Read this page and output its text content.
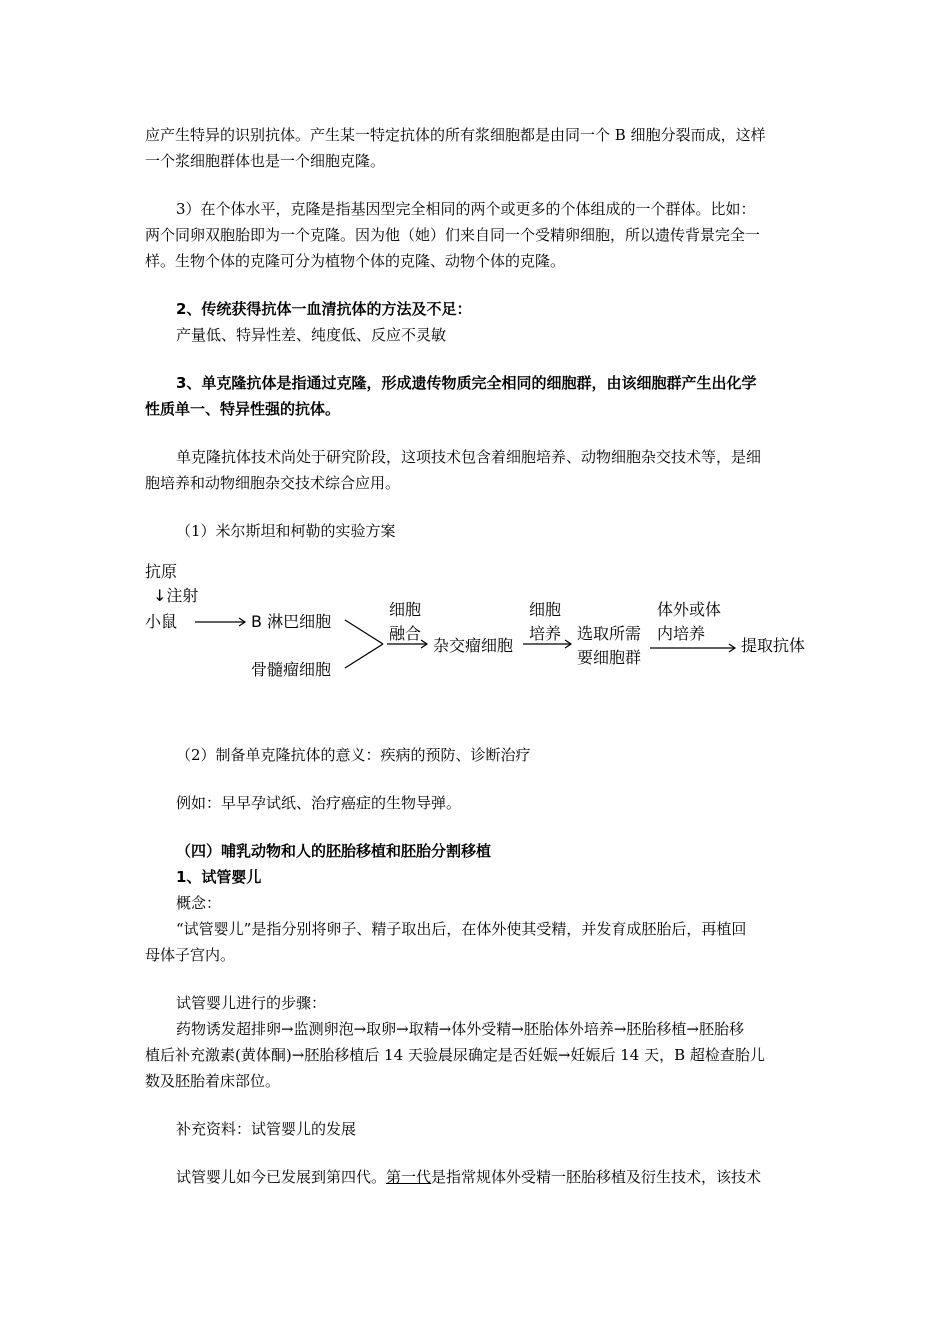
应产生特异的识别抗体。产生某一特定抗体的所有浆细胞都是由同一个 B 细胞分裂而成，这样

一个浆细胞群体也是一个细胞克隆。

3）在个体水平，克隆是指基因型完全相同的两个或更多的个体组成的一个群体。比如：

两个同卵双胞胎即为一个克隆。因为他（她）们来自同一个受精卵细胞，所以遗传背景完全一

样。生物个体的克隆可分为植物个体的克隆、动物个体的克隆。

2、传统获得抗体一血清抗体的方法及不足：

产量低、特异性差、纯度低、反应不灵敏

3、单克隆抗体是指通过克隆，形成遗传物质完全相同的细胞群，由该细胞群产生出化学

性质单一、特异性强的抗体。

单克隆抗体技术尚处于研究阶段，这项技术包含着细胞培养、动物细胞杂交技术等，是细

胞培养和动物细胞杂交技术综合应用。

（1）米尔斯坦和柯勒的实验方案

抗原
↓注射
小鼠	B 淋巴细胞
骨髓瘤细胞
细胞
融合
杂交瘤细胞
细胞
培养 选取所需
要细胞群
体外或体
内培养
提取抗体

（2）制备单克隆抗体的意义：疾病的预防、诊断治疗

例如：早早孕试纸、治疗癌症的生物导弹。

（四）哺乳动物和人的胚胎移植和胚胎分割移植

1、试管婴儿

概念：

“试管婴儿”是指分别将卵子、精子取出后，在体外使其受精，并发育成胚胎后，再植回

母体子宫内。

试管婴儿进行的步骤：

药物诱发超排卵→监测卵泡→取卵→取精→体外受精→胚胎体外培养→胚胎移植→胚胎移

植后补充激素(黄体酮)→胚胎移植后 14 天验晨尿确定是否妊娠→妊娠后 14 天，B 超检查胎儿

数及胚胎着床部位。

补充资料：试管婴儿的发展

试管婴儿如今已发展到第四代。第一代是指常规体外受精一胚胎移植及衍生技术，该技术
